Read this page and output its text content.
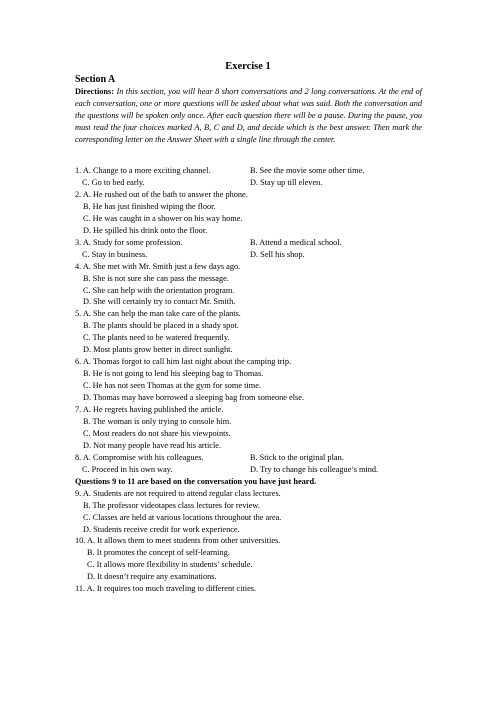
Exercise 1
Section A
Directions: In this section, you will hear 8 short conversations and 2 long conversations. At the end of each conversation, one or more questions will be asked about what was said. Both the conversation and the questions will be spoken only once. After each question there will be a pause. During the pause, you must read the four choices marked A, B, C and D, and decide which is the best answer. Then mark the corresponding letter on the Answer Sheet with a single line through the center.
1. A. Change to a more exciting channel.	B. See the movie some other time.
C. Go to bed early.	D. Stay up till eleven.
2. A. He rushed out of the bath to answer the phone.
B. He has just finished wiping the floor.
C. He was caught in a shower on his way home.
D. He spilled his drink onto the floor.
3. A. Study for some profession.	B. Attend a medical school.
C. Stay in business.	D. Sell his shop.
4. A. She met with Mr. Smith just a few days ago.
B. She is not sure she can pass the message.
C. She can help with the orientation program.
D. She will certainly try to contact Mr. Smith.
5. A. She can help the man take care of the plants.
B. The plants should be placed in a shady spot.
C. The plants need to be watered frequently.
D. Most plants grow better in direct sunlight.
6. A. Thomas forgot to call him last night about the camping trip.
B. He is not going to lend his sleeping bag to Thomas.
C. He has not seen Thomas at the gym for some time.
D. Thomas may have borrowed a sleeping bag from someone else.
7. A. He regrets having published the article.
B. The woman is only trying to console him.
C. Most readers do not share his viewpoints.
D. Not many people have read his article.
8. A. Compromise with his colleagues.	B. Stick to the original plan.
C. Proceed in his own way.	D. Try to change his colleague’s mind.
Questions 9 to 11 are based on the conversation you have just heard.
9. A. Students are not required to attend regular class lectures.
B. The professor videotapes class lectures for review.
C. Classes are held at various locations throughout the area.
D. Students receive credit for work experience.
10. A. It allows them to meet students from other universities.
B. It promotes the concept of self-learning.
C. It allows more flexibility in students’ schedule.
D. It doesn’t require any examinations.
11. A. It requires too much traveling to different cities.
